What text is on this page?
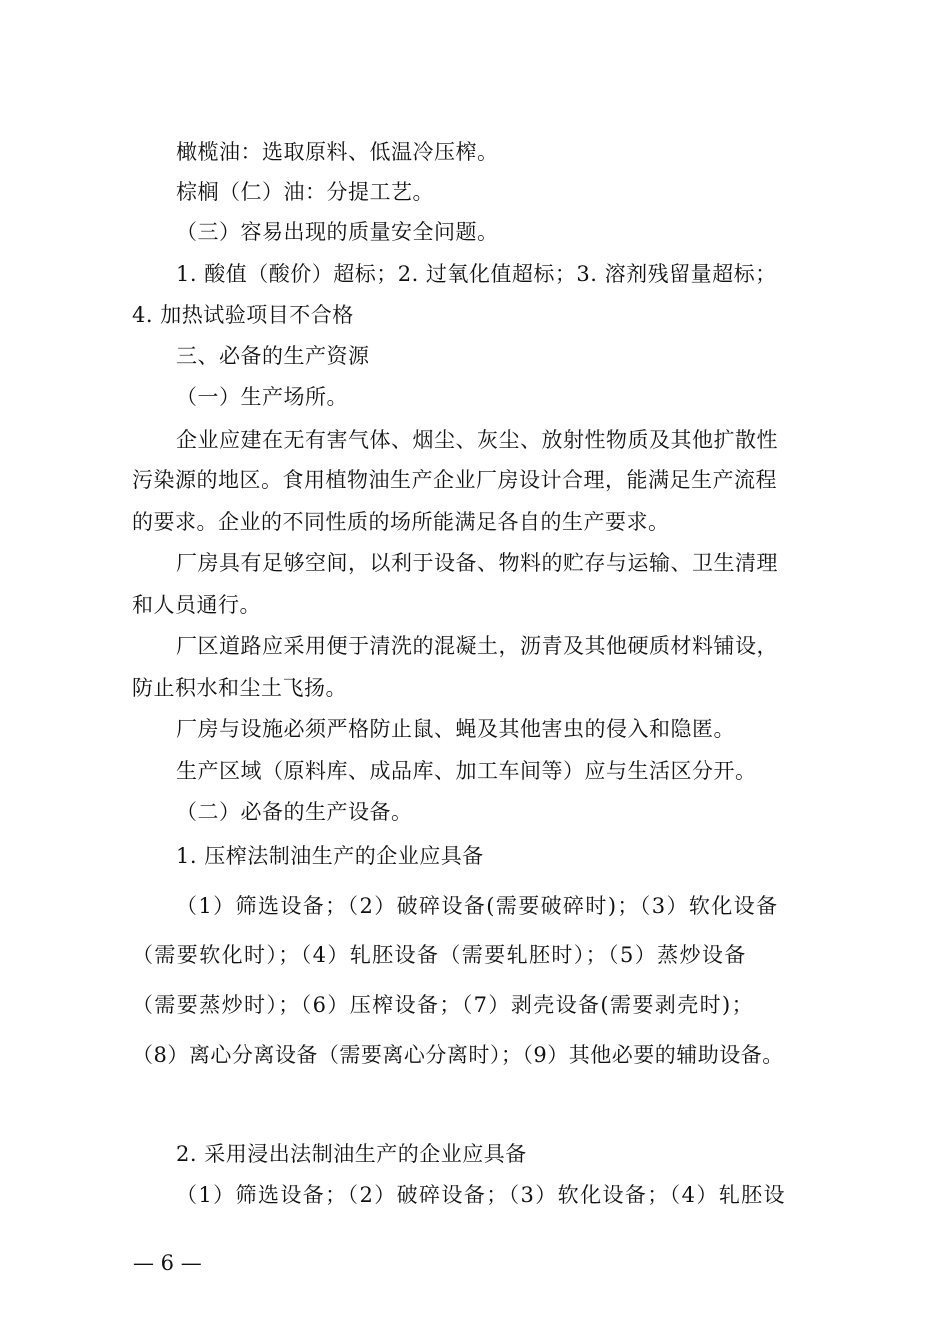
橄榄油：选取原料、低温冷压榨。
棕榈（仁）油：分提工艺。
（三）容易出现的质量安全问题。
1. 酸值（酸价）超标；2. 过氧化值超标；3. 溶剂残留量超标；
4. 加热试验项目不合格
三、必备的生产资源
（一）生产场所。
企业应建在无有害气体、烟尘、灰尘、放射性物质及其他扩散性
污染源的地区。食用植物油生产企业厂房设计合理，能满足生产流程
的要求。企业的不同性质的场所能满足各自的生产要求。
厂房具有足够空间，以利于设备、物料的贮存与运输、卫生清理
和人员通行。
厂区道路应采用便于清洗的混凝土，沥青及其他硬质材料铺设，
防止积水和尘土飞扬。
厂房与设施必须严格防止鼠、蝇及其他害虫的侵入和隐匿。
生产区域（原料库、成品库、加工车间等）应与生活区分开。
（二）必备的生产设备。
1. 压榨法制油生产的企业应具备
（1）筛选设备；（2）破碎设备(需要破碎时)；（3）软化设备
（需要软化时）；（4）轧胚设备（需要轧胚时）；（5）蒸炒设备
（需要蒸炒时）；（6）压榨设备；（7）剥壳设备(需要剥壳时)；
（8）离心分离设备（需要离心分离时）；（9）其他必要的辅助设备。
2. 采用浸出法制油生产的企业应具备
（1）筛选设备；（2）破碎设备；（3）软化设备；（4）轧胚设
— 6 —
